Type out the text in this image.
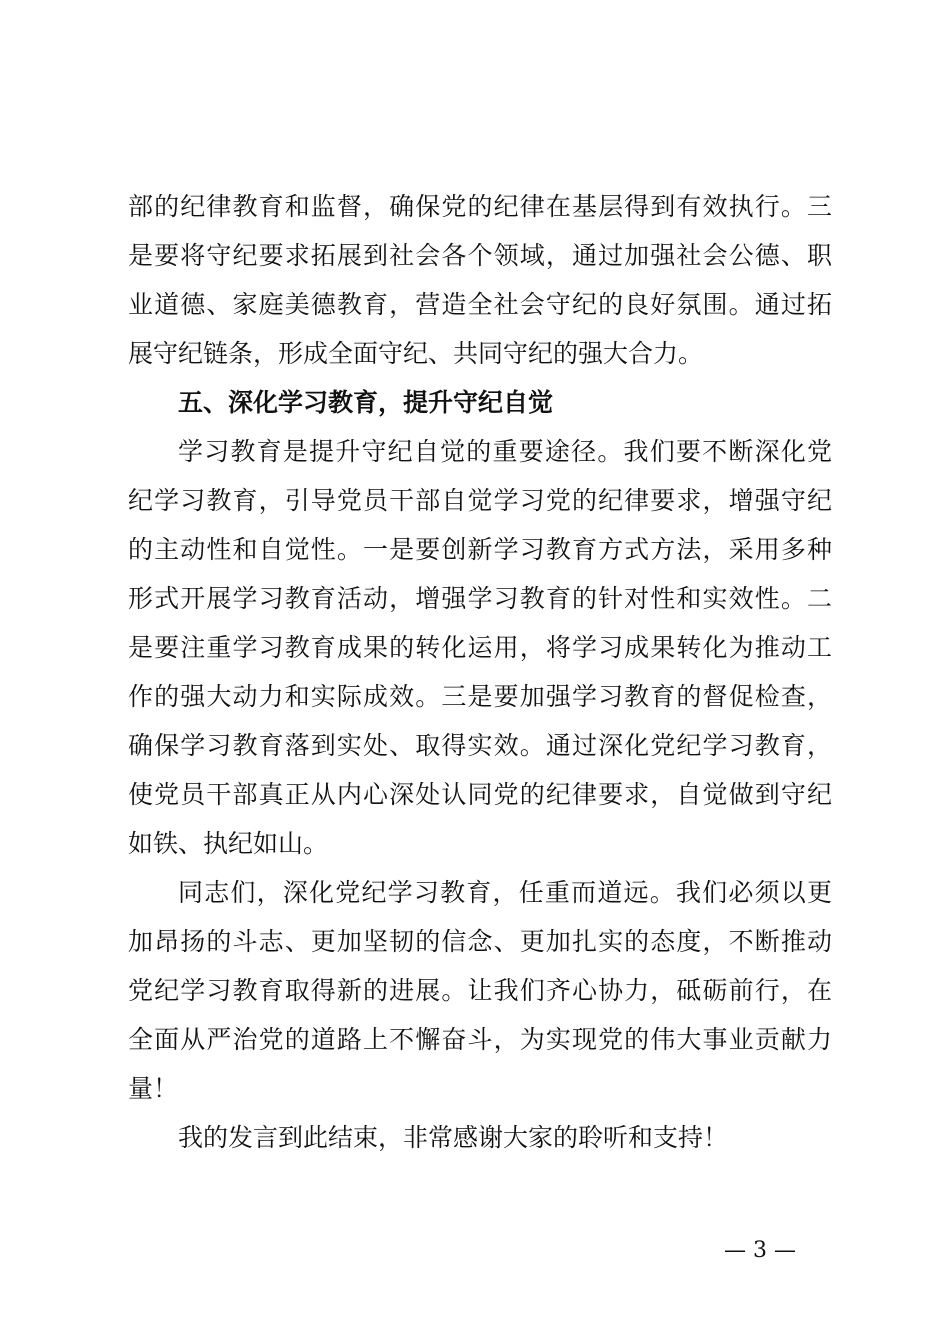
部的纪律教育和监督，确保党的纪律在基层得到有效执行。三
是要将守纪要求拓展到社会各个领域，通过加强社会公德、职
业道德、家庭美德教育，营造全社会守纪的良好氛围。通过拓
展守纪链条，形成全面守纪、共同守纪的强大合力。
五、深化学习教育，提升守纪自觉
学习教育是提升守纪自觉的重要途径。我们要不断深化党
纪学习教育，引导党员干部自觉学习党的纪律要求，增强守纪
的主动性和自觉性。一是要创新学习教育方式方法，采用多种
形式开展学习教育活动，增强学习教育的针对性和实效性。二
是要注重学习教育成果的转化运用，将学习成果转化为推动工
作的强大动力和实际成效。三是要加强学习教育的督促检查，
确保学习教育落到实处、取得实效。通过深化党纪学习教育，
使党员干部真正从内心深处认同党的纪律要求，自觉做到守纪
如铁、执纪如山。
同志们，深化党纪学习教育，任重而道远。我们必须以更
加昂扬的斗志、更加坚韧的信念、更加扎实的态度，不断推动
党纪学习教育取得新的进展。让我们齐心协力，砥砺前行，在
全面从严治党的道路上不懈奋斗，为实现党的伟大事业贡献力
量！
我的发言到此结束，非常感谢大家的聆听和支持！
— 3 —
